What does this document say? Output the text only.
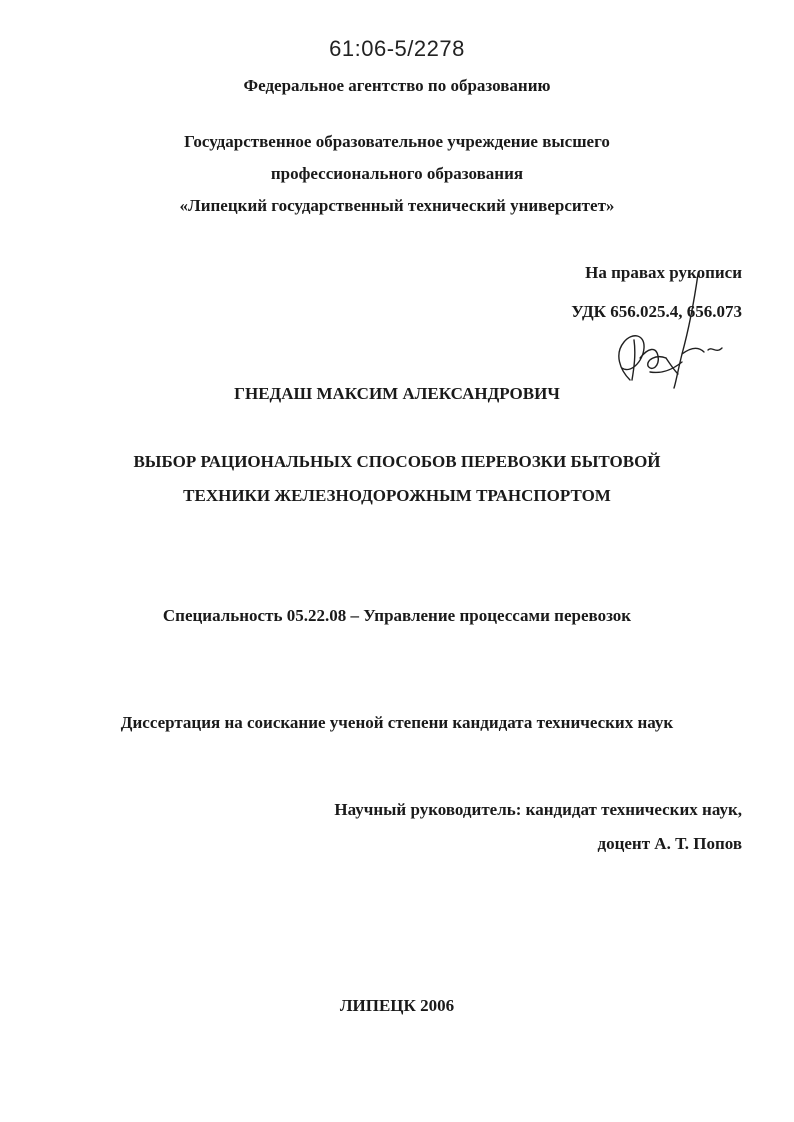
61:06-5/2278
Федеральное агентство по образованию
Государственное образовательное учреждение высшего
профессионального образования
«Липецкий государственный технический университет»
На правах рукописи
УДК 656.025.4, 656.073
ГНЕДАШ МАКСИМ АЛЕКСАНДРОВИЧ
ВЫБОР РАЦИОНАЛЬНЫХ СПОСОБОВ ПЕРЕВОЗКИ БЫТОВОЙ
ТЕХНИКИ ЖЕЛЕЗНОДОРОЖНЫМ ТРАНСПОРТОМ
Специальность 05.22.08 – Управление процессами перевозок
Диссертация на соискание ученой степени кандидата технических наук
Научный руководитель: кандидат технических наук,
доцент А. Т. Попов
ЛИПЕЦК 2006
